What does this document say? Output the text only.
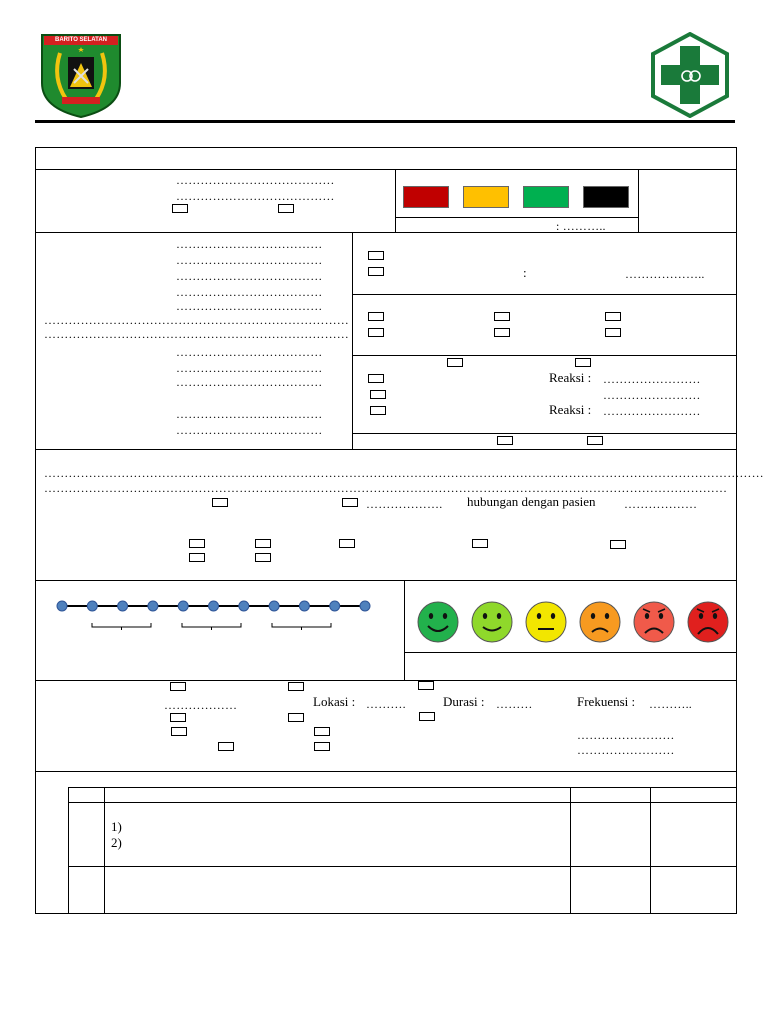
BARITO SELATAN
…………………………………
…………………………………
: ………..
………………………………
………………………………
………………………………
………………………………
………………………………
…………………………………………………………………
…………………………………………………………………
………………………………
………………………………
………………………………
………………………………
………………………………
:	………………..
Reaksi : ……………………
……………………
Reaksi : ……………………
……………………………………………………………………………………………………………………………………………………………
……………………………………………………………………………………………………………………………………………………
………………. hubungan dengan pasien ………………
………………	Lokasi : ……….	Durasi : ………	Frekuensi : ………..
……………………
……………………
1)
2)
